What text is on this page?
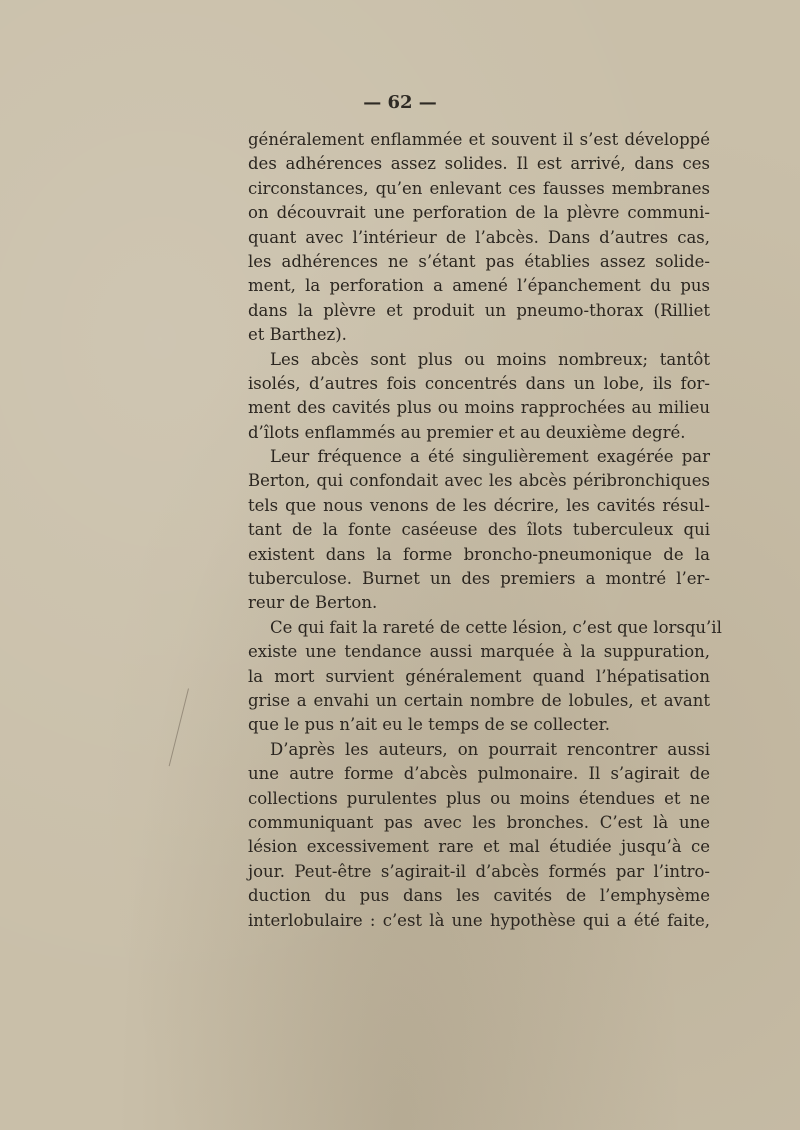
— 62 —
généralement enflammée et souvent il s’est développé
des adhérences assez solides. Il est arrivé, dans ces
circonstances, qu’en enlevant ces fausses membranes
on découvrait une perforation de la plèvre communi-
quant avec l’intérieur de l’abcès. Dans d’autres cas,
les adhérences ne s’étant pas établies assez solide-
ment, la perforation a amené l’épanchement du pus
dans la plèvre et produit un pneumo-thorax (Rilliet
et Barthez).
Les abcès sont plus ou moins nombreux; tantôt
isolés, d’autres fois concentrés dans un lobe, ils for-
ment des cavités plus ou moins rapprochées au milieu
d’îlots enflammés au premier et au deuxième degré.
Leur fréquence a été singulièrement exagérée par
Berton, qui confondait avec les abcès péribronchiques
tels que nous venons de les décrire, les cavités résul-
tant de la fonte caséeuse des îlots tuberculeux qui
existent dans la forme broncho-pneumonique de la
tuberculose. Burnet un des premiers a montré l’er-
reur de Berton.
Ce qui fait la rareté de cette lésion, c’est que lorsqu’il
existe une tendance aussi marquée à la suppuration,
la mort survient généralement quand l’hépatisation
grise a envahi un certain nombre de lobules, et avant
que le pus n’ait eu le temps de se collecter.
D’après les auteurs, on pourrait rencontrer aussi
une autre forme d’abcès pulmonaire. Il s’agirait de
collections purulentes plus ou moins étendues et ne
communiquant pas avec les bronches. C’est là une
lésion excessivement rare et mal étudiée jusqu’à ce
jour. Peut-être s’agirait-il d’abcès formés par l’intro-
duction du pus dans les cavités de l’emphysème
interlobulaire : c’est là une hypothèse qui a été faite,
